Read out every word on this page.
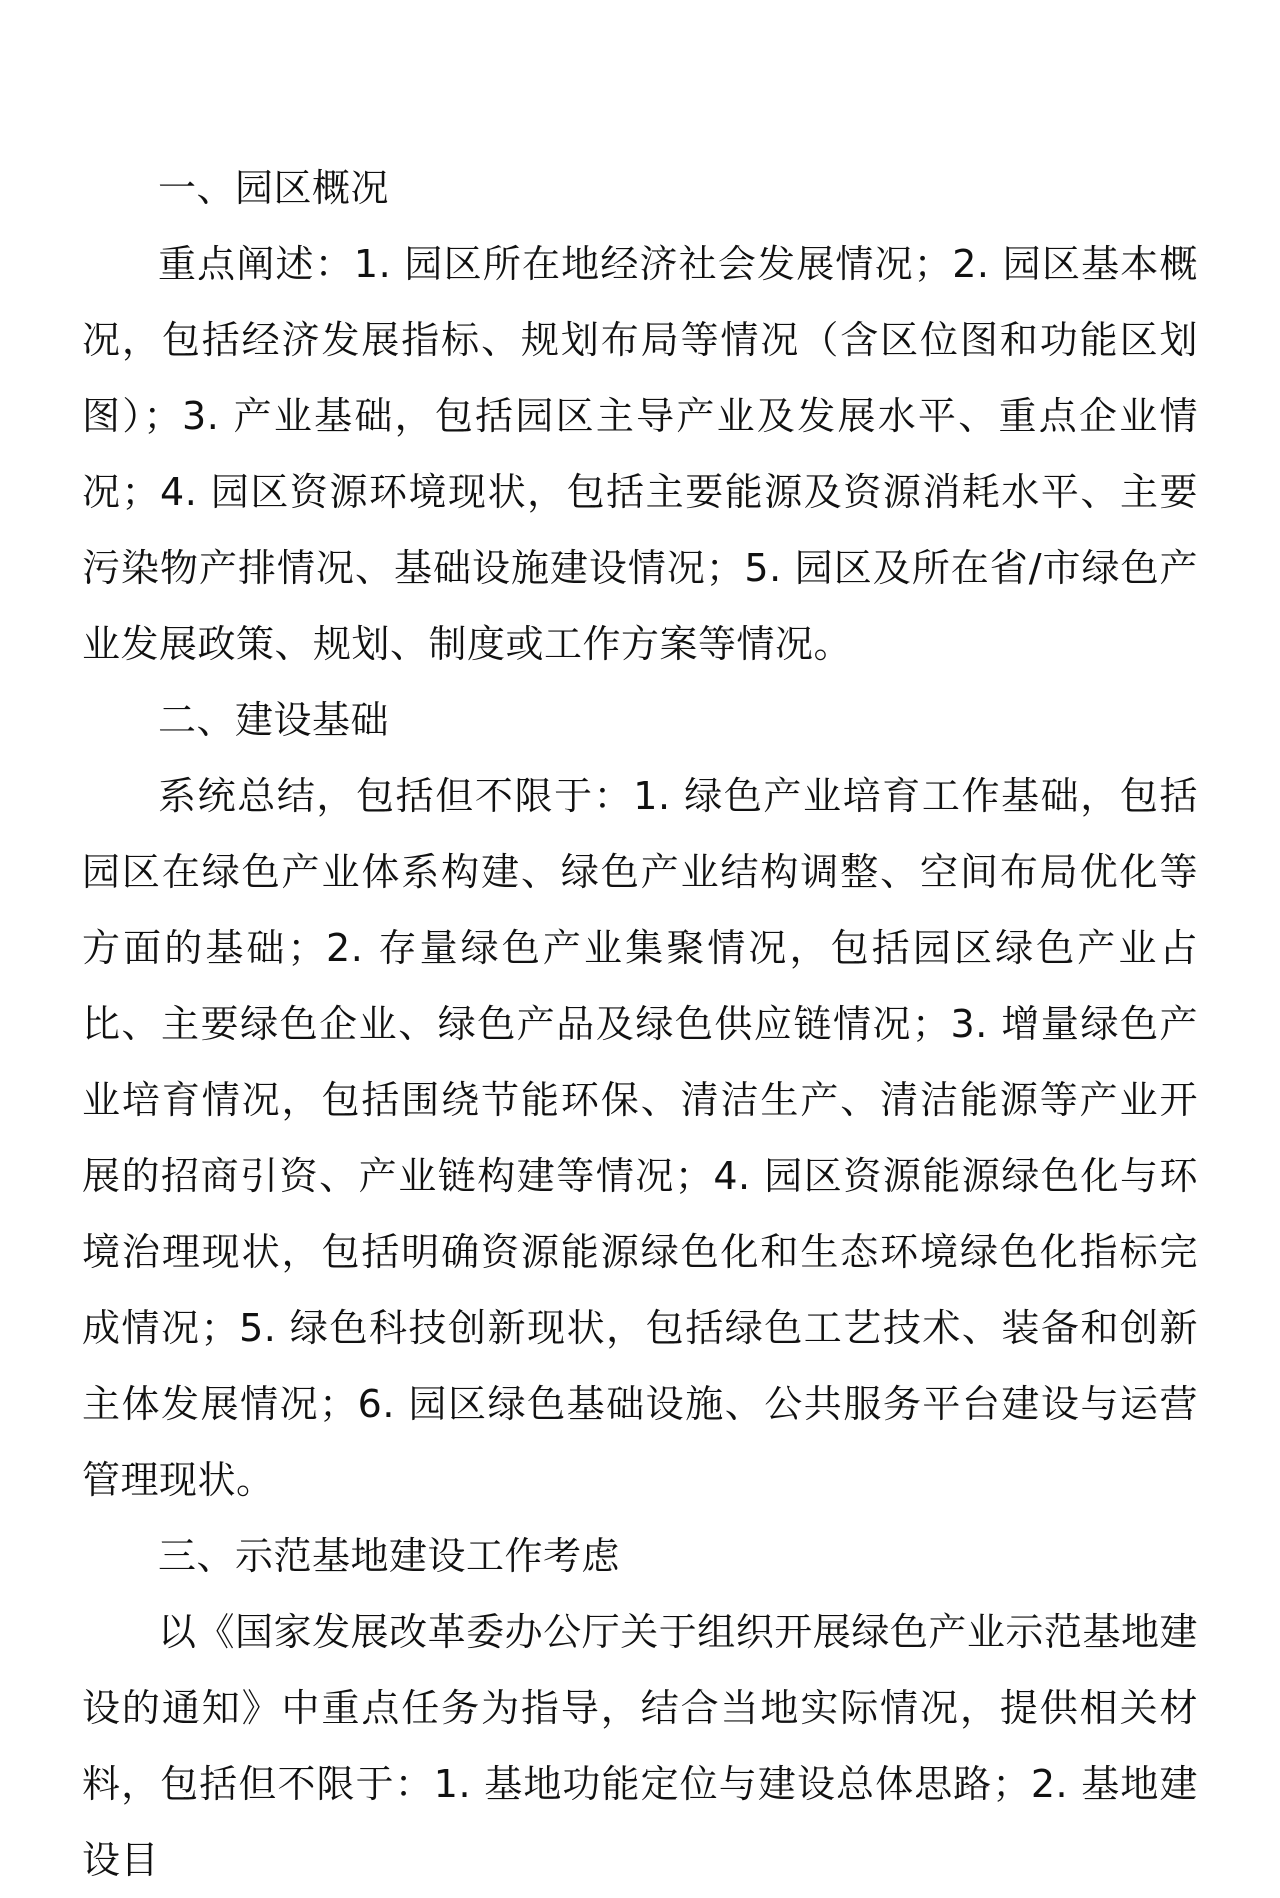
一、园区概况

重点阐述：1. 园区所在地经济社会发展情况；2. 园区基本概况，包括经济发展指标、规划布局等情况（含区位图和功能区划图）；3. 产业基础，包括园区主导产业及发展水平、重点企业情况；4. 园区资源环境现状，包括主要能源及资源消耗水平、主要污染物产排情况、基础设施建设情况；5. 园区及所在省/市绿色产业发展政策、规划、制度或工作方案等情况。

二、建设基础

系统总结，包括但不限于：1. 绿色产业培育工作基础，包括园区在绿色产业体系构建、绿色产业结构调整、空间布局优化等方面的基础；2. 存量绿色产业集聚情况，包括园区绿色产业占比、主要绿色企业、绿色产品及绿色供应链情况；3. 增量绿色产业培育情况，包括围绕节能环保、清洁生产、清洁能源等产业开展的招商引资、产业链构建等情况；4. 园区资源能源绿色化与环境治理现状，包括明确资源能源绿色化和生态环境绿色化指标完成情况；5. 绿色科技创新现状，包括绿色工艺技术、装备和创新主体发展情况；6. 园区绿色基础设施、公共服务平台建设与运营管理现状。

三、示范基地建设工作考虑

以《国家发展改革委办公厅关于组织开展绿色产业示范基地建设的通知》中重点任务为指导，结合当地实际情况，提供相关材料，包括但不限于：1. 基地功能定位与建设总体思路；2. 基地建设目
